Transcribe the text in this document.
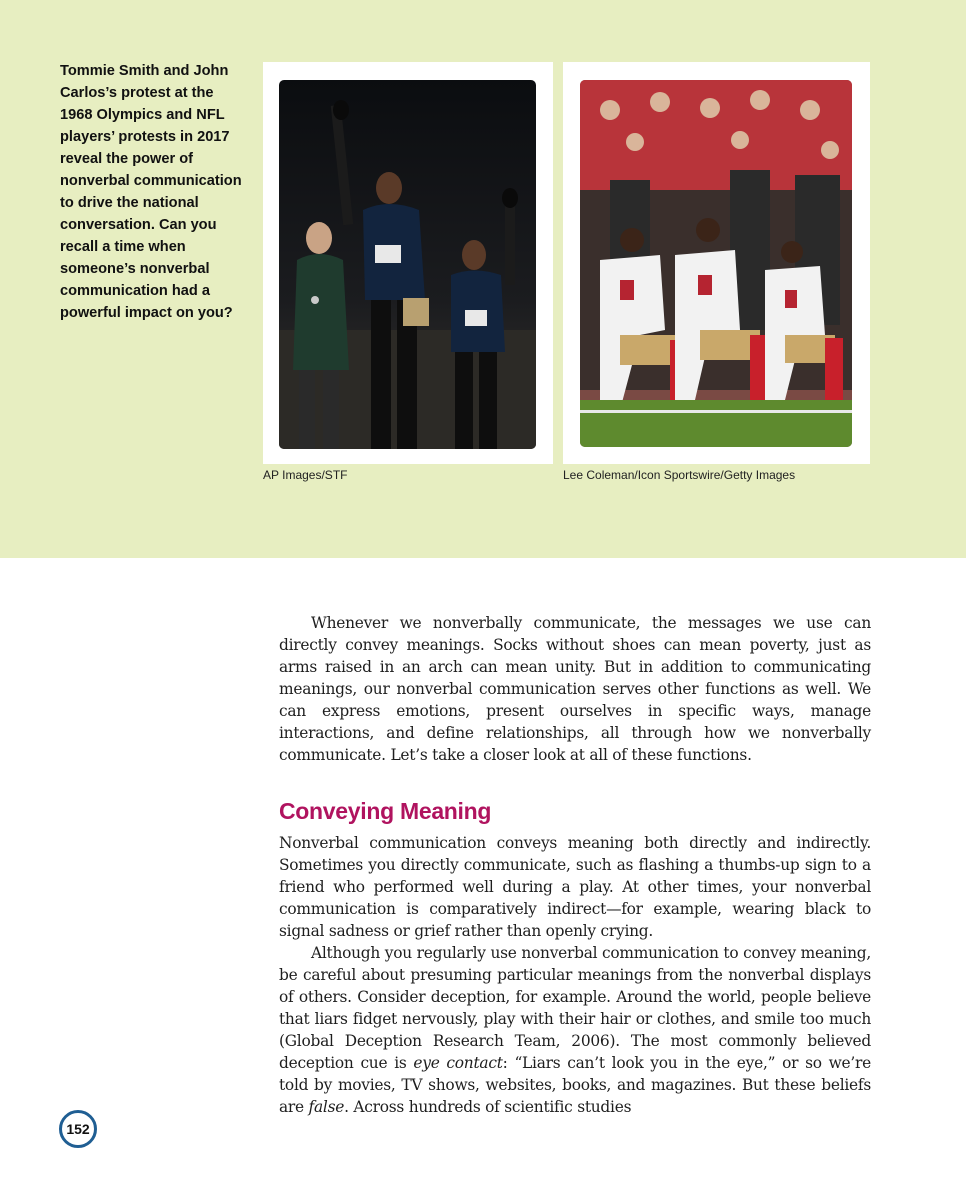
Tommie Smith and John Carlos’s protest at the 1968 Olympics and NFL players’ protests in 2017 reveal the power of nonverbal communication to drive the national conversation. Can you recall a time when someone’s nonverbal communication had a powerful impact on you?

AP Images/STF	Lee Coleman/Icon Sportswire/Getty Images

Whenever we nonverbally communicate, the messages we use can directly convey meanings. Socks without shoes can mean poverty, just as arms raised in an arch can mean unity. But in addition to communicating meanings, our nonverbal communication serves other functions as well. We can express emotions, present ourselves in specific ways, manage interactions, and define relationships, all through how we nonverbally communicate. Let’s take a closer look at all of these functions.

Conveying Meaning

Nonverbal communication conveys meaning both directly and indirectly. Sometimes you directly communicate, such as flashing a thumbs-up sign to a friend who performed well during a play. At other times, your nonverbal communication is comparatively indirect—for example, wearing black to signal sadness or grief rather than openly crying.

Although you regularly use nonverbal communication to convey meaning, be careful about presuming particular meanings from the nonverbal displays of others. Consider deception, for example. Around the world, people believe that liars fidget nervously, play with their hair or clothes, and smile too much (Global Deception Research Team, 2006). The most commonly believed deception cue is eye contact: “Liars can’t look you in the eye,” or so we’re told by movies, TV shows, websites, books, and magazines. But these beliefs are false. Across hundreds of scientific studies

152
